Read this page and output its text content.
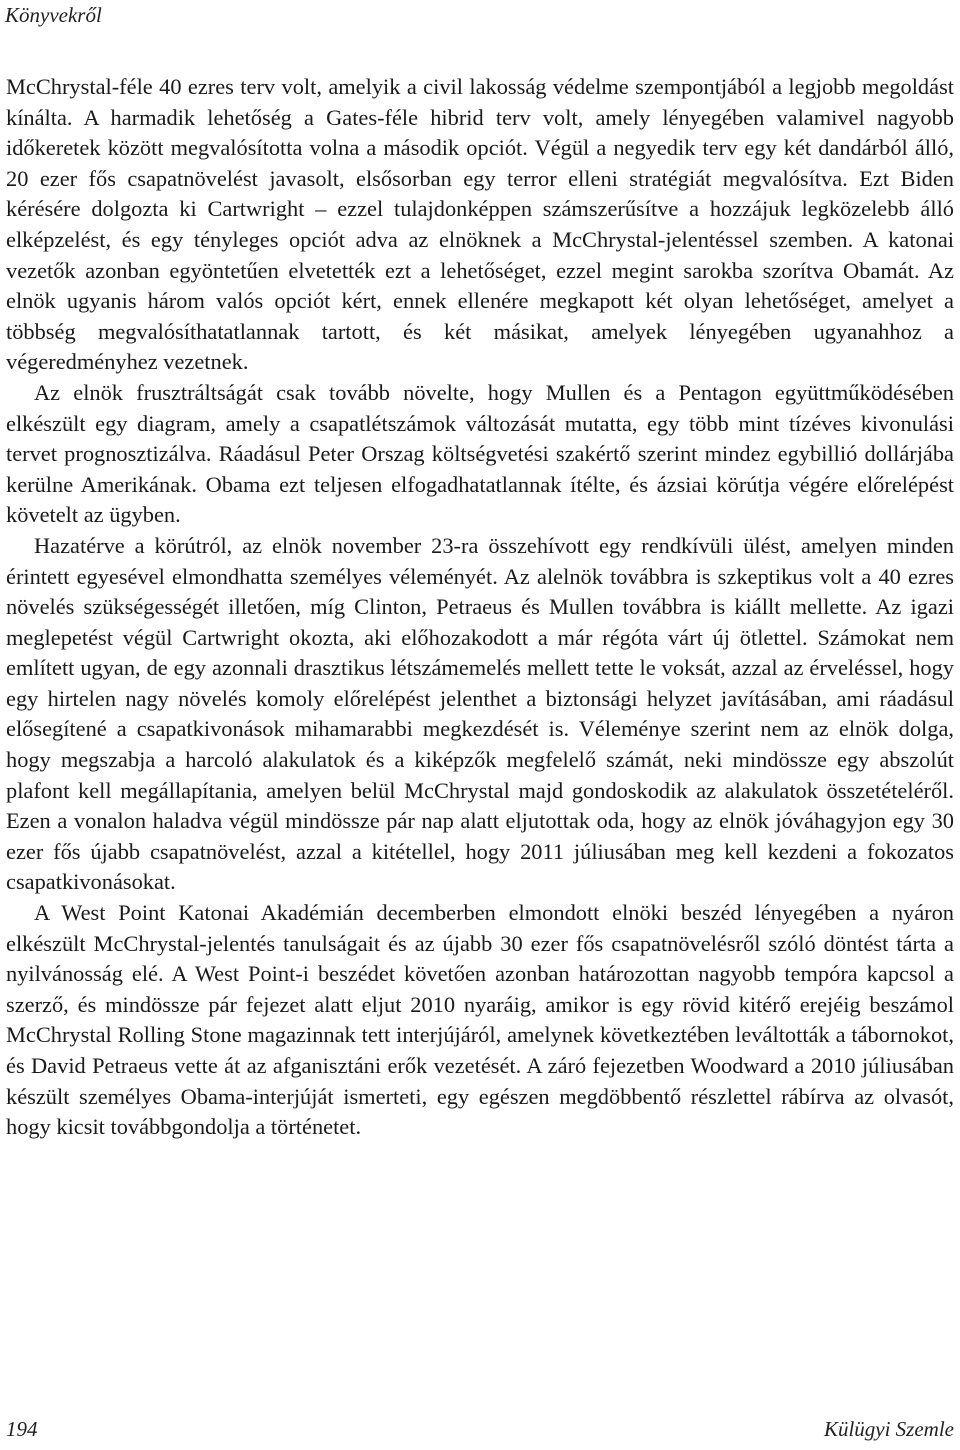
Könyvekről

McChrystal-féle 40 ezres terv volt, amelyik a civil lakosság védelme szempontjából a legjobb megoldást kínálta. A harmadik lehetőség a Gates-féle hibrid terv volt, amely lényegében valamivel nagyobb időkeretek között megvalósította volna a második opciót. Végül a negyedik terv egy két dandárból álló, 20 ezer fős csapatnövelést javasolt, elsősorban egy terror elleni stratégiát megvalósítva. Ezt Biden kérésére dolgozta ki Cartwright – ezzel tulajdonképpen számszerűsítve a hozzájuk legközelebb álló elképzelést, és egy tényleges opciót adva az elnöknek a McChrystal-jelentéssel szemben. A katonai vezetők azonban egyöntetűen elvetették ezt a lehetőséget, ezzel megint sarokba szorítva Obamát. Az elnök ugyanis három valós opciót kért, ennek ellenére megkapott két olyan lehetőséget, amelyet a többség megvalósíthatatlannak tartott, és két másikat, amelyek lényegében ugyanahhoz a végeredményhez vezetnek.

Az elnök frusztráltságát csak tovább növelte, hogy Mullen és a Pentagon együttműködésében elkészült egy diagram, amely a csapatlétszámok változását mutatta, egy több mint tízéves kivonulási tervet prognosztizálva. Ráadásul Peter Orszag költségvetési szakértő szerint mindez egybillió dollárjába kerülne Amerikának. Obama ezt teljesen elfogadhatatlannak ítélte, és ázsiai körútja végére előrelépést követelt az ügyben.

Hazatérve a körútról, az elnök november 23-ra összehívott egy rendkívüli ülést, amelyen minden érintett egyesével elmondhatta személyes véleményét. Az alelnök továbbra is szkeptikus volt a 40 ezres növelés szükségességét illetően, míg Clinton, Petraeus és Mullen továbbra is kiállt mellette. Az igazi meglepetést végül Cartwright okozta, aki előhozakodott a már régóta várt új ötlettel. Számokat nem említett ugyan, de egy azonnali drasztikus létszámemelés mellett tette le voksát, azzal az érveléssel, hogy egy hirtelen nagy növelés komoly előrelépést jelenthet a biztonsági helyzet javításában, ami ráadásul elősegítené a csapatkivonások mihamarabbi megkezdését is. Véleménye szerint nem az elnök dolga, hogy megszabja a harcoló alakulatok és a kiképzők megfelelő számát, neki mindössze egy abszolút plafont kell megállapítania, amelyen belül McChrystal majd gondoskodik az alakulatok összetételéről. Ezen a vonalon haladva végül mindössze pár nap alatt eljutottak oda, hogy az elnök jóváhagyjon egy 30 ezer fős újabb csapatnövelést, azzal a kitétellel, hogy 2011 júliusában meg kell kezdeni a fokozatos csapatkivonásokat.

A West Point Katonai Akadémián decemberben elmondott elnöki beszéd lényegében a nyáron elkészült McChrystal-jelentés tanulságait és az újabb 30 ezer fős csapatnövelésről szóló döntést tárta a nyilvánosság elé. A West Point-i beszédet követően azonban határozottan nagyobb tempóra kapcsol a szerző, és mindössze pár fejezet alatt eljut 2010 nyaráig, amikor is egy rövid kitérő erejéig beszámol McChrystal Rolling Stone magazinnak tett interjújáról, amelynek következtében leváltották a tábornokot, és David Petraeus vette át az afganisztáni erők vezetését. A záró fejezetben Woodward a 2010 júliusában készült személyes Obama-interjúját ismerteti, egy egészen megdöbbentő részlettel rábírva az olvasót, hogy kicsit továbbgondolja a történetet.

194	Külügyi Szemle
